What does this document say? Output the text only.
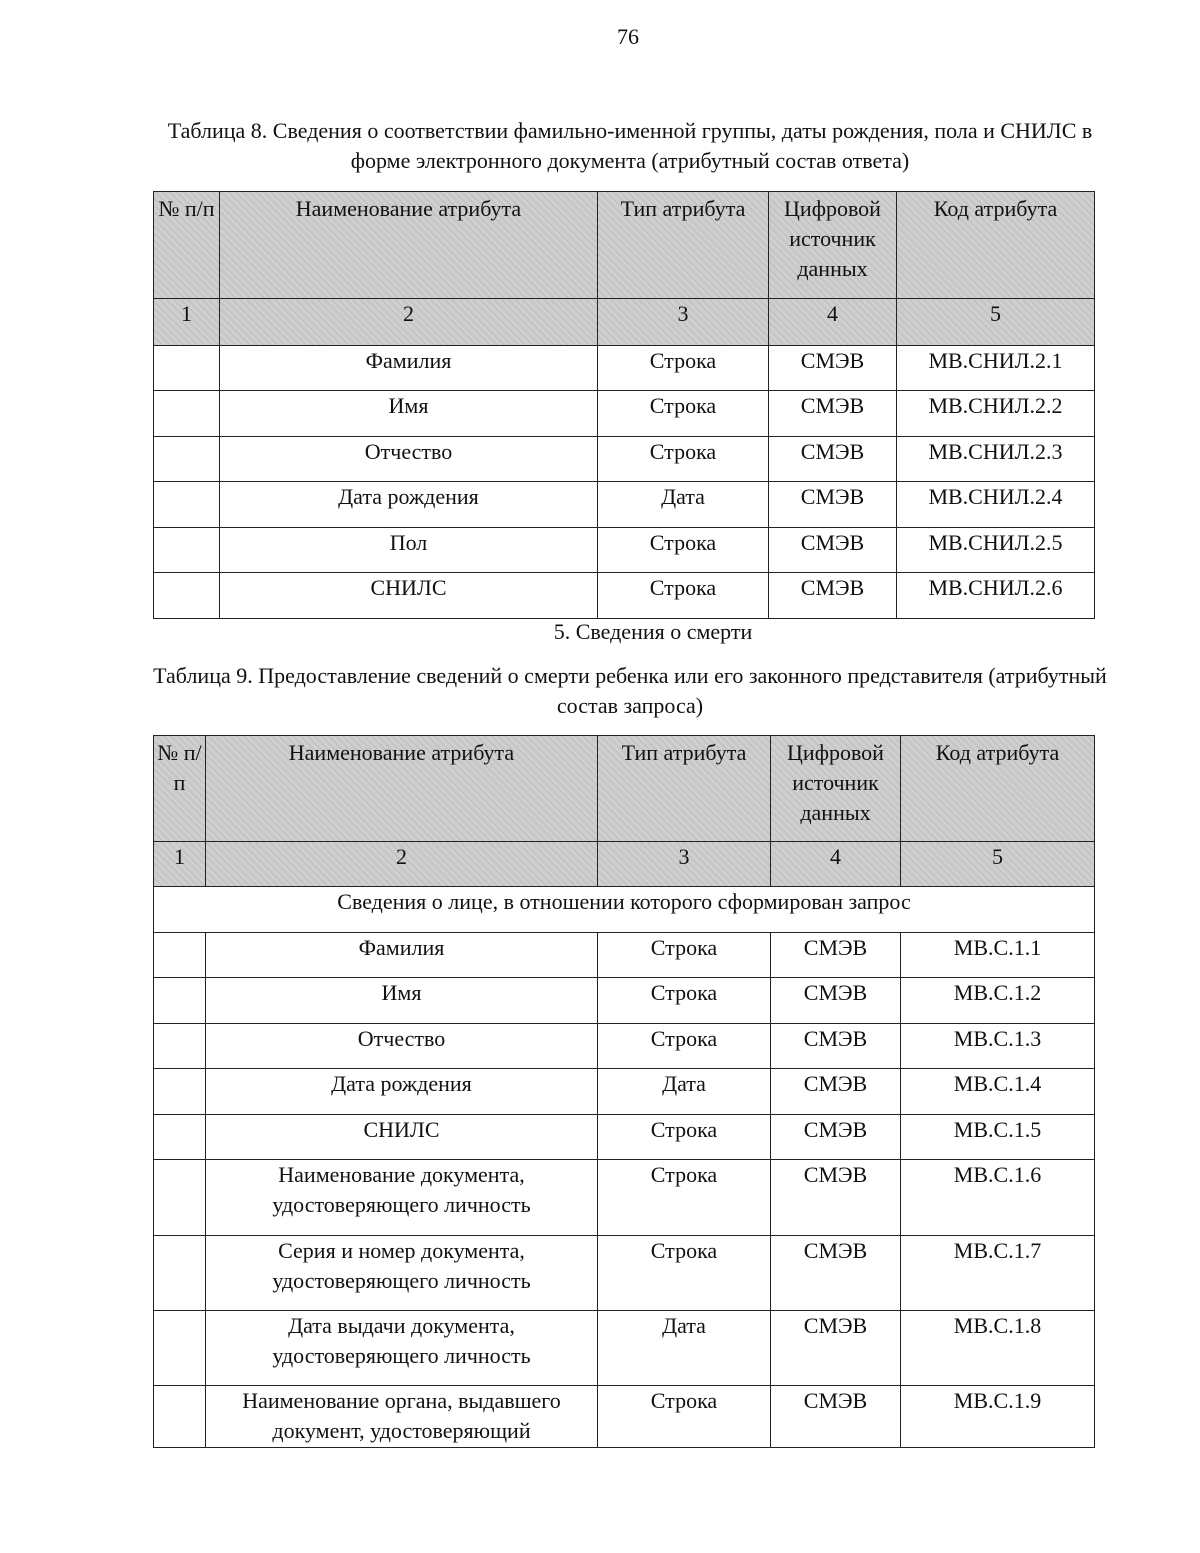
76
Таблица 8. Сведения о соответствии фамильно-именной группы, даты рождения, пола и СНИЛС в форме электронного документа (атрибутный состав ответа)
№ п/п	Наименование атрибута	Тип атрибута	Цифровой источник данных	Код атрибута
1	2	3	4	5
	Фамилия	Строка	СМЭВ	МВ.СНИЛ.2.1
	Имя	Строка	СМЭВ	МВ.СНИЛ.2.2
	Отчество	Строка	СМЭВ	МВ.СНИЛ.2.3
	Дата рождения	Дата	СМЭВ	МВ.СНИЛ.2.4
	Пол	Строка	СМЭВ	МВ.СНИЛ.2.5
	СНИЛС	Строка	СМЭВ	МВ.СНИЛ.2.6
5. Сведения о смерти
Таблица 9. Предоставление сведений о смерти ребенка или его законного представителя (атрибутный состав запроса)
№ п/ п	Наименование атрибута	Тип атрибута	Цифровой источник данных	Код атрибута
1	2	3	4	5
Сведения о лице, в отношении которого сформирован запрос				
	Фамилия	Строка	СМЭВ	МВ.С.1.1
	Имя	Строка	СМЭВ	МВ.С.1.2
	Отчество	Строка	СМЭВ	МВ.С.1.3
	Дата рождения	Дата	СМЭВ	МВ.С.1.4
	СНИЛС	Строка	СМЭВ	МВ.С.1.5
	Наименование документа, удостоверяющего личность	Строка	СМЭВ	МВ.С.1.6
	Серия и номер документа, удостоверяющего личность	Строка	СМЭВ	МВ.С.1.7
	Дата выдачи документа, удостоверяющего личность	Дата	СМЭВ	МВ.С.1.8
	Наименование органа, выдавшего документ, удостоверяющий	Строка	СМЭВ	МВ.С.1.9
